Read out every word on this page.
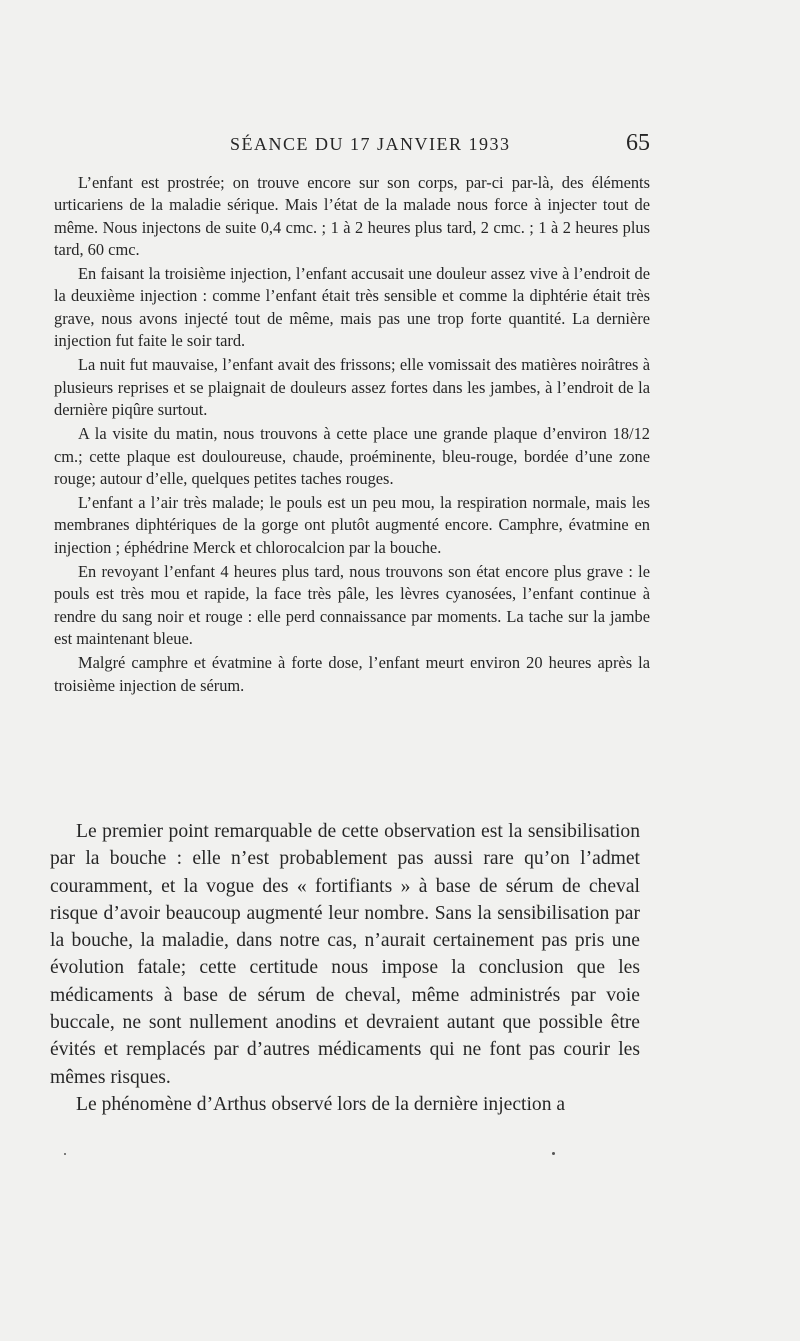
SÉANCE DU 17 JANVIER 1933	65

L’enfant est prostrée; on trouve encore sur son corps, par-ci par-là, des éléments urticariens de la maladie sérique. Mais l’état de la malade nous force à injecter tout de même. Nous injectons de suite 0,4 cmc. ; 1 à 2 heures plus tard, 2 cmc. ; 1 à 2 heures plus tard, 60 cmc.

En faisant la troisième injection, l’enfant accusait une douleur assez vive à l’endroit de la deuxième injection : comme l’enfant était très sensible et comme la diphtérie était très grave, nous avons injecté tout de même, mais pas une trop forte quantité. La dernière injection fut faite le soir tard.

La nuit fut mauvaise, l’enfant avait des frissons; elle vomissait des matières noirâtres à plusieurs reprises et se plaignait de douleurs assez fortes dans les jambes, à l’endroit de la dernière piqûre surtout.

A la visite du matin, nous trouvons à cette place une grande plaque d’environ 18/12 cm.; cette plaque est douloureuse, chaude, proéminente, bleu-rouge, bordée d’une zone rouge; autour d’elle, quelques petites taches rouges.

L’enfant a l’air très malade; le pouls est un peu mou, la respiration normale, mais les membranes diphtériques de la gorge ont plutôt augmenté encore. Camphre, évatmine en injection ; éphédrine Merck et chlorocalcion par la bouche.

En revoyant l’enfant 4 heures plus tard, nous trouvons son état encore plus grave : le pouls est très mou et rapide, la face très pâle, les lèvres cyanosées, l’enfant continue à rendre du sang noir et rouge : elle perd connaissance par moments. La tache sur la jambe est maintenant bleue.

Malgré camphre et évatmine à forte dose, l’enfant meurt environ 20 heures après la troisième injection de sérum.

Le premier point remarquable de cette observation est la sensibilisation par la bouche : elle n’est probablement pas aussi rare qu’on l’admet couramment, et la vogue des « fortifiants » à base de sérum de cheval risque d’avoir beaucoup augmenté leur nombre. Sans la sensibilisation par la bouche, la maladie, dans notre cas, n’aurait certainement pas pris une évolution fatale; cette certitude nous impose la conclusion que les médicaments à base de sérum de cheval, même administrés par voie buccale, ne sont nullement anodins et devraient autant que possible être évités et remplacés par d’autres médicaments qui ne font pas courir les mêmes risques.

Le phénomène d’Arthus observé lors de la dernière injection a
